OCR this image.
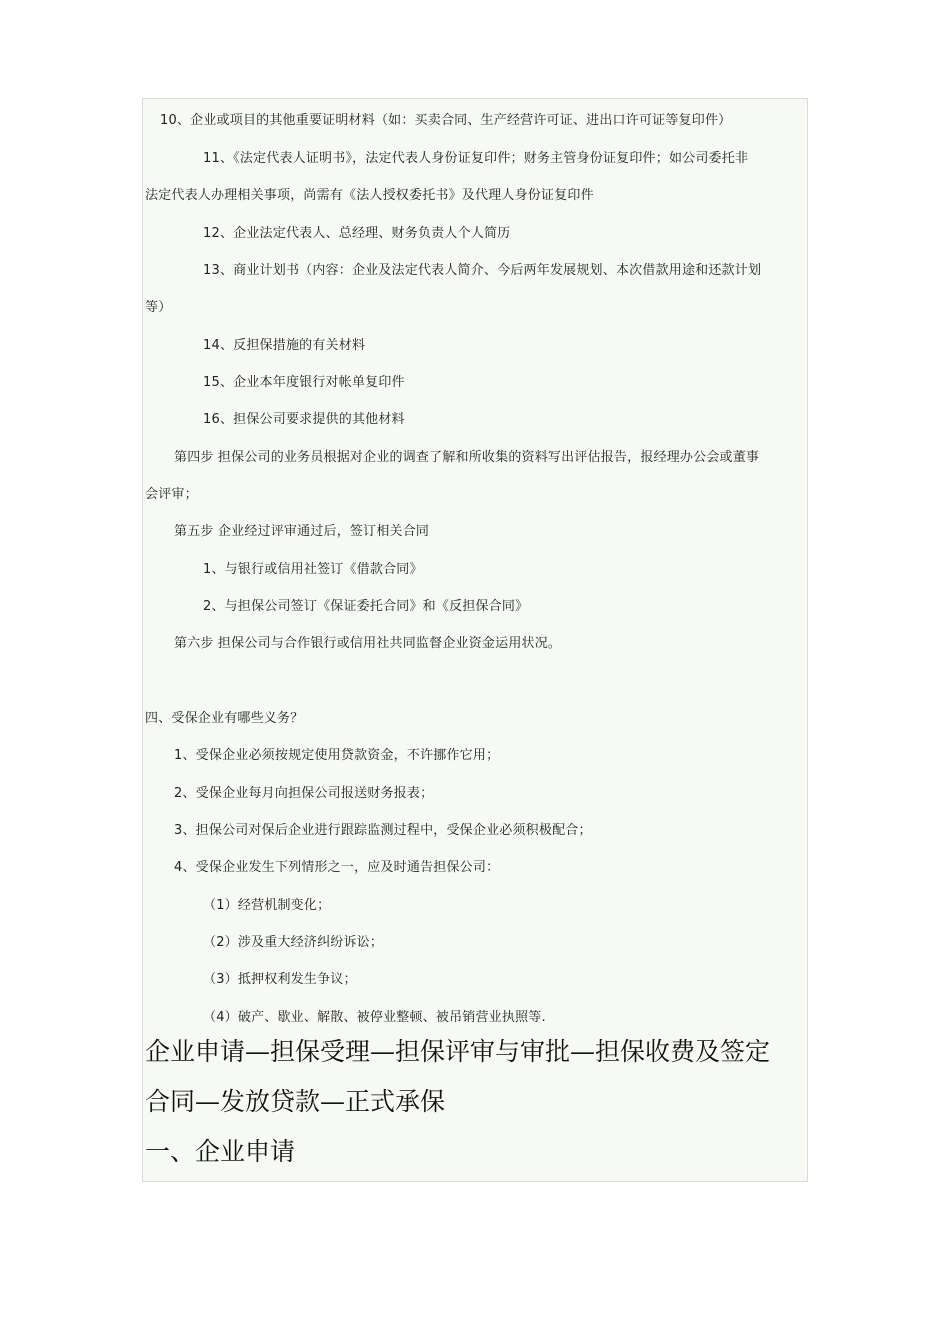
10、企业或项目的其他重要证明材料（如：买卖合同、生产经营许可证、进出口许可证等复印件）
11、《法定代表人证明书》，法定代表人身份证复印件；财务主管身份证复印件；如公司委托非
法定代表人办理相关事项，尚需有《法人授权委托书》及代理人身份证复印件
12、企业法定代表人、总经理、财务负责人个人简历
13、商业计划书（内容：企业及法定代表人简介、今后两年发展规划、本次借款用途和还款计划
等）
14、反担保措施的有关材料
15、企业本年度银行对帐单复印件
16、担保公司要求提供的其他材料
第四步 担保公司的业务员根据对企业的调查了解和所收集的资料写出评估报告，报经理办公会或董事
会评审；
第五步 企业经过评审通过后，签订相关合同
1、与银行或信用社签订《借款合同》
2、与担保公司签订《保证委托合同》和《反担保合同》
第六步 担保公司与合作银行或信用社共同监督企业资金运用状况。
四、受保企业有哪些义务？
1、受保企业必须按规定使用贷款资金，不许挪作它用；
2、受保企业每月向担保公司报送财务报表；
3、担保公司对保后企业进行跟踪监测过程中，受保企业必须积极配合；
4、受保企业发生下列情形之一，应及时通告担保公司：
（1）经营机制变化；
（2）涉及重大经济纠纷诉讼；
（3）抵押权利发生争议；
（4）破产、歇业、解散、被停业整顿、被吊销营业执照等.
企业申请—担保受理—担保评审与审批—担保收费及签定
合同—发放贷款—正式承保
一、企业申请
